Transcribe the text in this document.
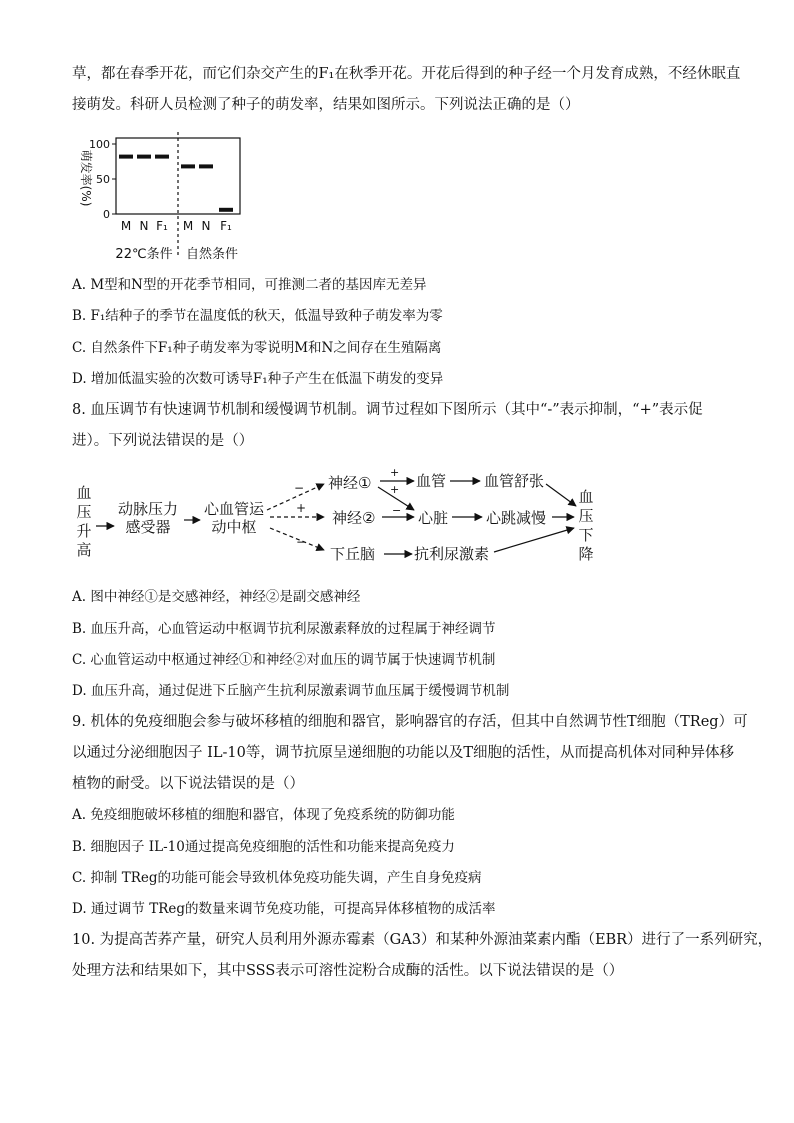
草，都在春季开花，而它们杂交产生的F₁在秋季开花。开花后得到的种子经一个月发育成熟，不经休眠直
接萌发。科研人员检测了种子的萌发率，结果如图所示。下列说法正确的是（）
萌发率(%)
100
50
0
M N F₁ M N F₁
22℃条件 自然条件
A. M型和N型的开花季节相同，可推测二者的基因库无差异
B. F₁结种子的季节在温度低的秋天，低温导致种子萌发率为零
C. 自然条件下F₁种子萌发率为零说明M和N之间存在生殖隔离
D. 增加低温实验的次数可诱导F₁种子产生在低温下萌发的变异
8. 血压调节有快速调节机制和缓慢调节机制。调节过程如下图所示（其中“-”表示抑制，“+”表示促
进）。下列说法错误的是（）
血
压
升
高
动脉压力
感受器
心血管运
动中枢
−
+
−
神经①
神经②
下丘脑
+
+
−
血管
心脏
抗利尿激素
血管舒张
心跳减慢
血
压
下
降
A. 图中神经①是交感神经，神经②是副交感神经
B. 血压升高，心血管运动中枢调节抗利尿激素释放的过程属于神经调节
C. 心血管运动中枢通过神经①和神经②对血压的调节属于快速调节机制
D. 血压升高，通过促进下丘脑产生抗利尿激素调节血压属于缓慢调节机制
9. 机体的免疫细胞会参与破坏移植的细胞和器官，影响器官的存活，但其中自然调节性T细胞（TReg）可
以通过分泌细胞因子 IL-10等，调节抗原呈递细胞的功能以及T细胞的活性，从而提高机体对同种异体移
植物的耐受。以下说法错误的是（）
A. 免疫细胞破坏移植的细胞和器官，体现了免疫系统的防御功能
B. 细胞因子 IL-10通过提高免疫细胞的活性和功能来提高免疫力
C. 抑制 TReg的功能可能会导致机体免疫功能失调，产生自身免疫病
D. 通过调节 TReg的数量来调节免疫功能，可提高异体移植物的成活率
10. 为提高苦荞产量，研究人员利用外源赤霉素（GA3）和某种外源油菜素内酯（EBR）进行了一系列研究，
处理方法和结果如下，其中SSS表示可溶性淀粉合成酶的活性。以下说法错误的是（）
